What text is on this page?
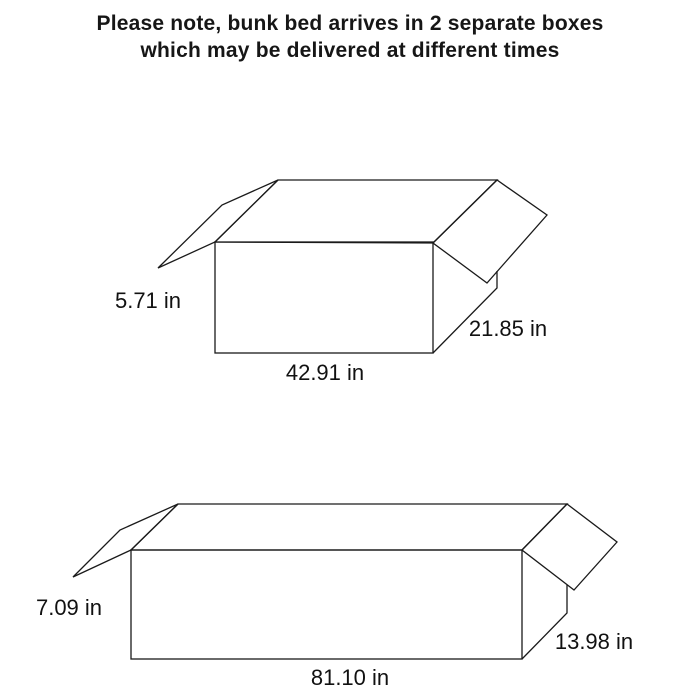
Please note, bunk bed arrives in 2 separate boxes
which may be delivered at different times
5.71 in
42.91 in
21.85 in
7.09 in
81.10 in
13.98 in
